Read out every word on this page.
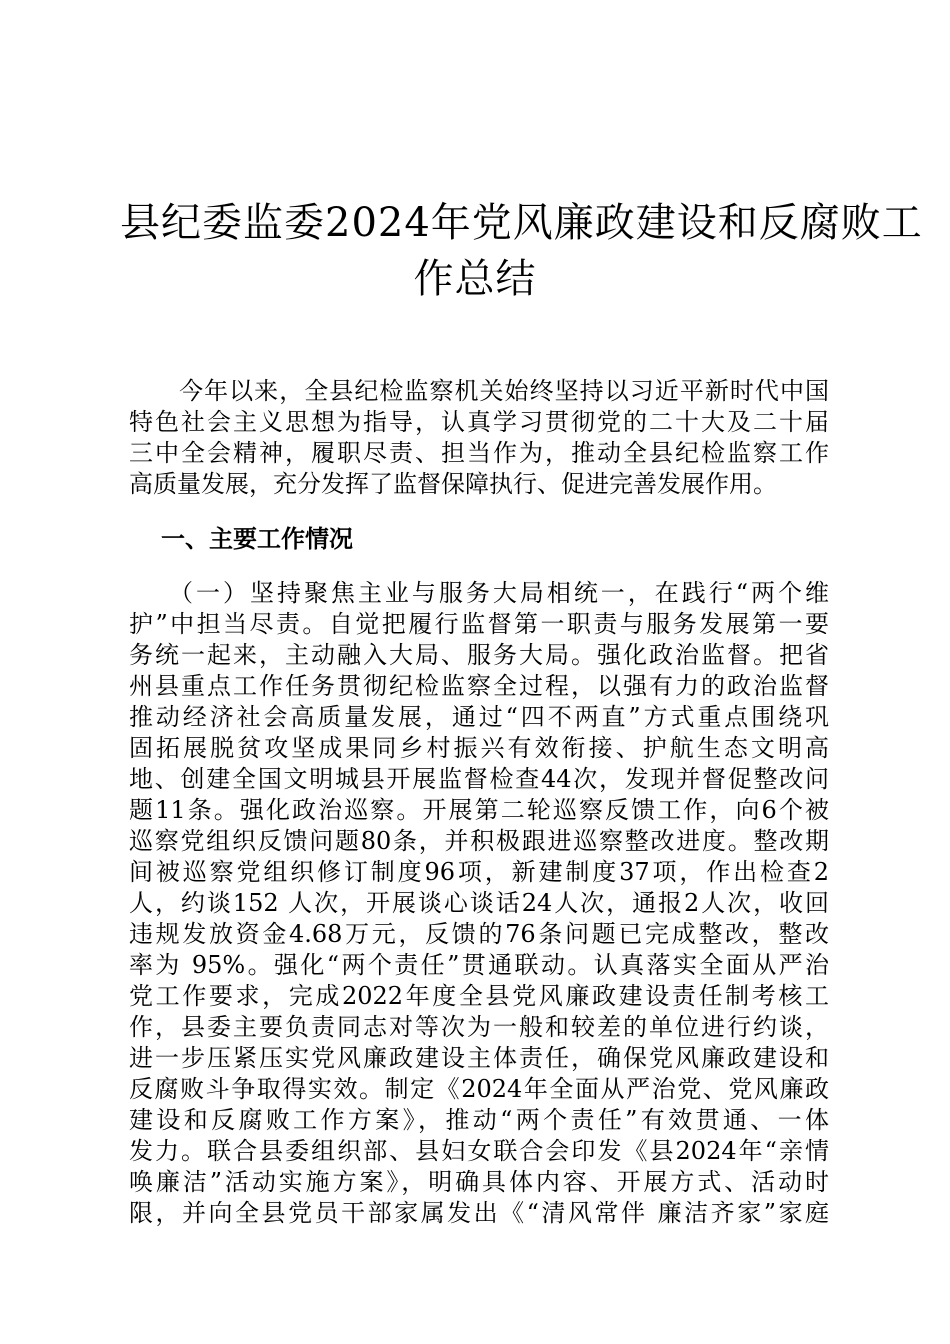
县纪委监委2024年党风廉政建设和反腐败工
作总结

　　今年以来，全县纪检监察机关始终坚持以习近平新时代中国
特色社会主义思想为指导，认真学习贯彻党的二十大及二十届
三中全会精神，履职尽责、担当作为，推动全县纪检监察工作
高质量发展，充分发挥了监督保障执行、促进完善发展作用。

一、主要工作情况

（一）坚持聚焦主业与服务大局相统一，在践行“两个维
护”中担当尽责。自觉把履行监督第一职责与服务发展第一要
务统一起来，主动融入大局、服务大局。强化政治监督。把省
州县重点工作任务贯彻纪检监察全过程，以强有力的政治监督
推动经济社会高质量发展，通过“四不两直”方式重点围绕巩
固拓展脱贫攻坚成果同乡村振兴有效衔接、护航生态文明高
地、创建全国文明城县开展监督检查44次，发现并督促整改问
题11条。强化政治巡察。开展第二轮巡察反馈工作，向6个被
巡察党组织反馈问题80条，并积极跟进巡察整改进度。整改期
间被巡察党组织修订制度96项，新建制度37项，作出检查2
人，约谈152 人次，开展谈心谈话24人次，通报2人次，收回
违规发放资金4.68万元，反馈的76条问题已完成整改，整改
率为 95%。强化“两个责任”贯通联动。认真落实全面从严治
党工作要求，完成2022年度全县党风廉政建设责任制考核工
作，县委主要负责同志对等次为一般和较差的单位进行约谈，
进一步压紧压实党风廉政建设主体责任，确保党风廉政建设和
反腐败斗争取得实效。制定《2024年全面从严治党、党风廉政
建设和反腐败工作方案》，推动“两个责任”有效贯通、一体
发力。联合县委组织部、县妇女联合会印发《县2024年“亲情
唤廉洁”活动实施方案》，明确具体内容、开展方式、活动时
限，并向全县党员干部家属发出《“清风常伴 廉洁齐家”家庭
